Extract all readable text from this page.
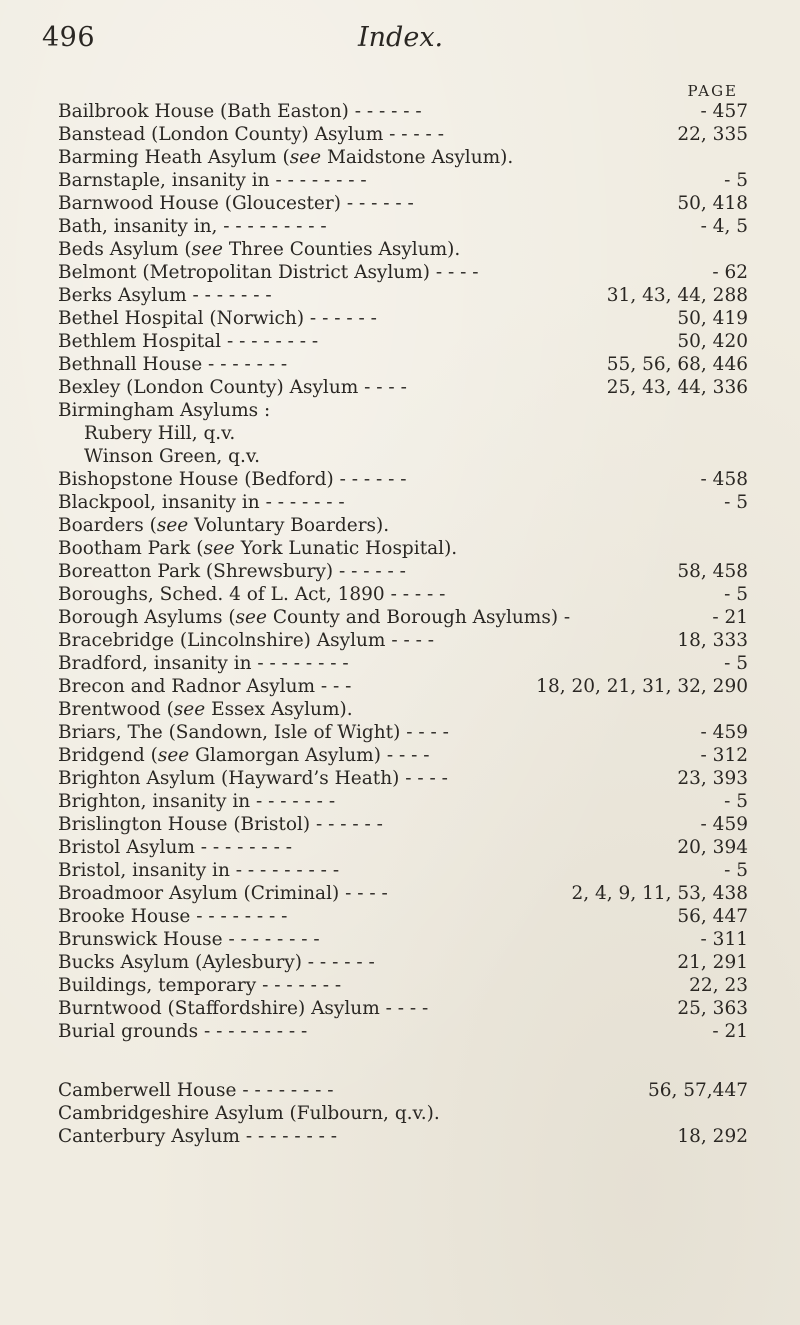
496	Index.
PAGE
Bailbrook House (Bath Easton) - - - - - -	- 457
Banstead (London County) Asylum - - - - -	22, 335
Barming Heath Asylum (see Maidstone Asylum).
Barnstaple, insanity in - - - - - - - -	- 5
Barnwood House (Gloucester) - - - - - -	50, 418
Bath, insanity in, - - - - - - - - -	- 4, 5
Beds Asylum (see Three Counties Asylum).
Belmont (Metropolitan District Asylum) - - - -	- 62
Berks Asylum - - - - - - -	31, 43, 44, 288
Bethel Hospital (Norwich) - - - - - -	50, 419
Bethlem Hospital - - - - - - - -	50, 420
Bethnall House - - - - - - -	55, 56, 68, 446
Bexley (London County) Asylum - - - -	25, 43, 44, 336
Birmingham Asylums :
Rubery Hill, q.v.
Winson Green, q.v.
Bishopstone House (Bedford) - - - - - -	- 458
Blackpool, insanity in - - - - - - -	- 5
Boarders (see Voluntary Boarders).
Bootham Park (see York Lunatic Hospital).
Boreatton Park (Shrewsbury) - - - - - -	58, 458
Boroughs, Sched. 4 of L. Act, 1890 - - - - -	- 5
Borough Asylums (see County and Borough Asylums) -	- 21
Bracebridge (Lincolnshire) Asylum - - - -	18, 333
Bradford, insanity in - - - - - - - -	- 5
Brecon and Radnor Asylum - - -	18, 20, 21, 31, 32, 290
Brentwood (see Essex Asylum).
Briars, The (Sandown, Isle of Wight) - - - -	- 459
Bridgend (see Glamorgan Asylum) - - - -	- 312
Brighton Asylum (Hayward’s Heath) - - - -	23, 393
Brighton, insanity in - - - - - - -	- 5
Brislington House (Bristol) - - - - - -	- 459
Bristol Asylum - - - - - - - -	20, 394
Bristol, insanity in - - - - - - - - -	- 5
Broadmoor Asylum (Criminal) - - - -	2, 4, 9, 11, 53, 438
Brooke House - - - - - - - -	56, 447
Brunswick House - - - - - - - -	- 311
Bucks Asylum (Aylesbury) - - - - - -	21, 291
Buildings, temporary - - - - - - -	22, 23
Burntwood (Staffordshire) Asylum - - - -	25, 363
Burial grounds - - - - - - - - -	- 21
Camberwell House - - - - - - - -	56, 57,447
Cambridgeshire Asylum (Fulbourn, q.v.).
Canterbury Asylum - - - - - - - -	18, 292
